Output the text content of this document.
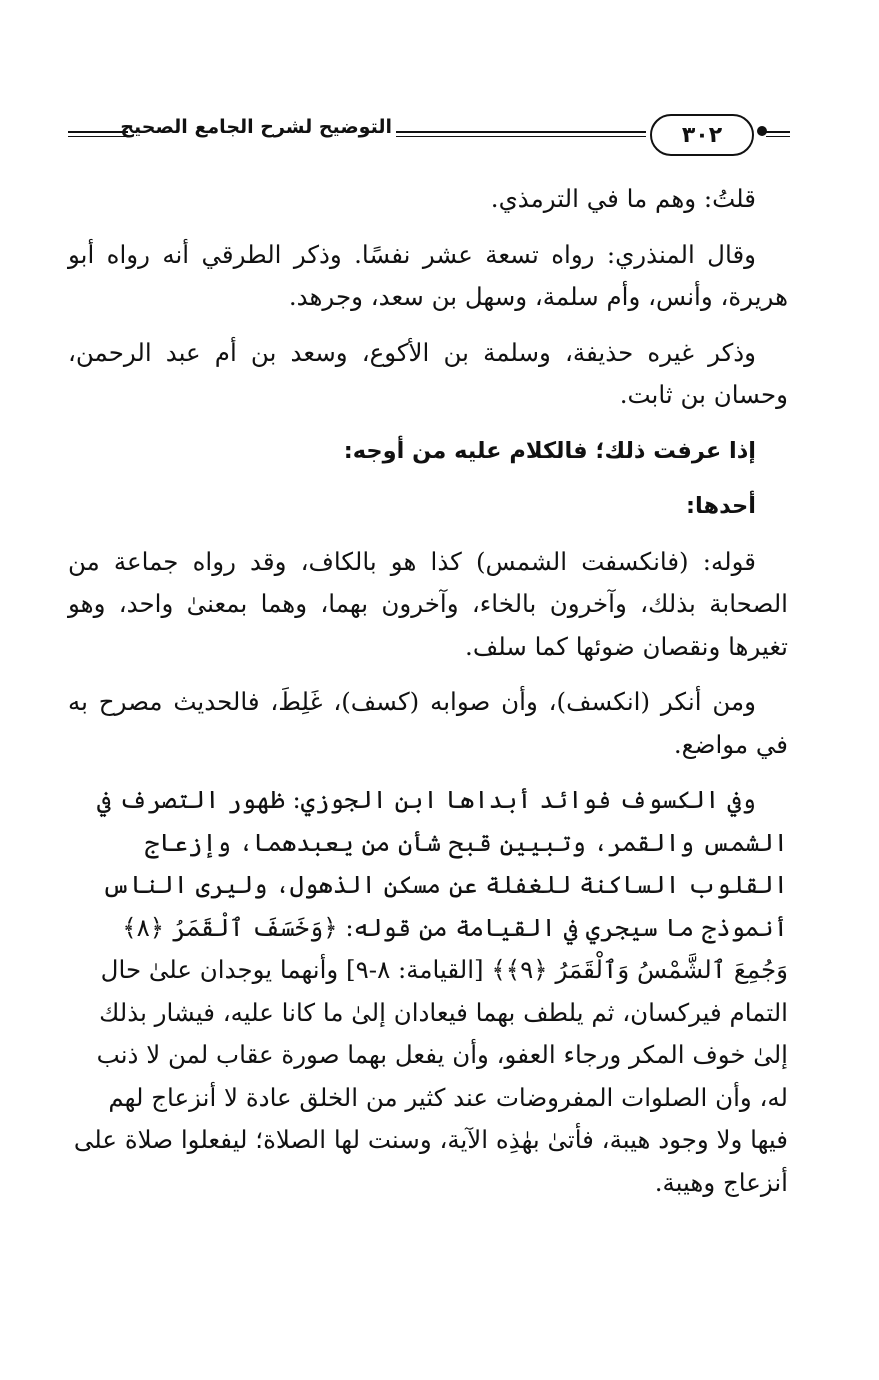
التوضيح لشرح الجامع الصحيح	٣٠٢

قلتُ: وهم ما في الترمذي.

وقال المنذري: رواه تسعة عشر نفسًا. وذكر الطرقي أنه رواه أبو هريرة، وأنس، وأم سلمة، وسهل بن سعد، وجرهد.

وذكر غيره حذيفة، وسلمة بن الأكوع، وسعد بن أم عبد الرحمن، وحسان بن ثابت.

إذا عرفت ذلك؛ فالكلام عليه من أوجه:

أحدها:

قوله: (فانكسفت الشمس) كذا هو بالكاف، وقد رواه جماعة من الصحابة بذلك، وآخرون بالخاء، وآخرون بهما، وهما بمعنىٰ واحد، وهو تغيرها ونقصان ضوئها كما سلف.

ومن أنكر (انكسف)، وأن صوابه (كسف)، غَلِطَ، فالحديث مصرح به في مواضع.

وفي الكسوف فوائد أبداها ابن الجوزي: ظهور التصرف في الشمس والقمر، وتبيين قبح شأن من يعبدهما، وإزعاج القلوب الساكنة للغفلة عن مسكن الذهول، وليرى الناس أنموذج ما سيجري في القيامة من قوله: ﴿وَخَسَفَ ٱلْقَمَرُ ﴿٨﴾ وَجُمِعَ ٱلشَّمْسُ وَٱلْقَمَرُ ﴿٩﴾﴾ [القيامة: ٨-٩] وأنهما يوجدان علىٰ حال التمام فيركسان، ثم يلطف بهما فيعادان إلىٰ ما كانا عليه، فيشار بذلك إلىٰ خوف المكر ورجاء العفو، وأن يفعل بهما صورة عقاب لمن لا ذنب له، وأن الصلوات المفروضات عند كثير من الخلق عادة لا أنزعاج لهم فيها ولا وجود هيبة، فأتىٰ بهٰذِه الآية، وسنت لها الصلاة؛ ليفعلوا صلاة على أنزعاج وهيبة.
